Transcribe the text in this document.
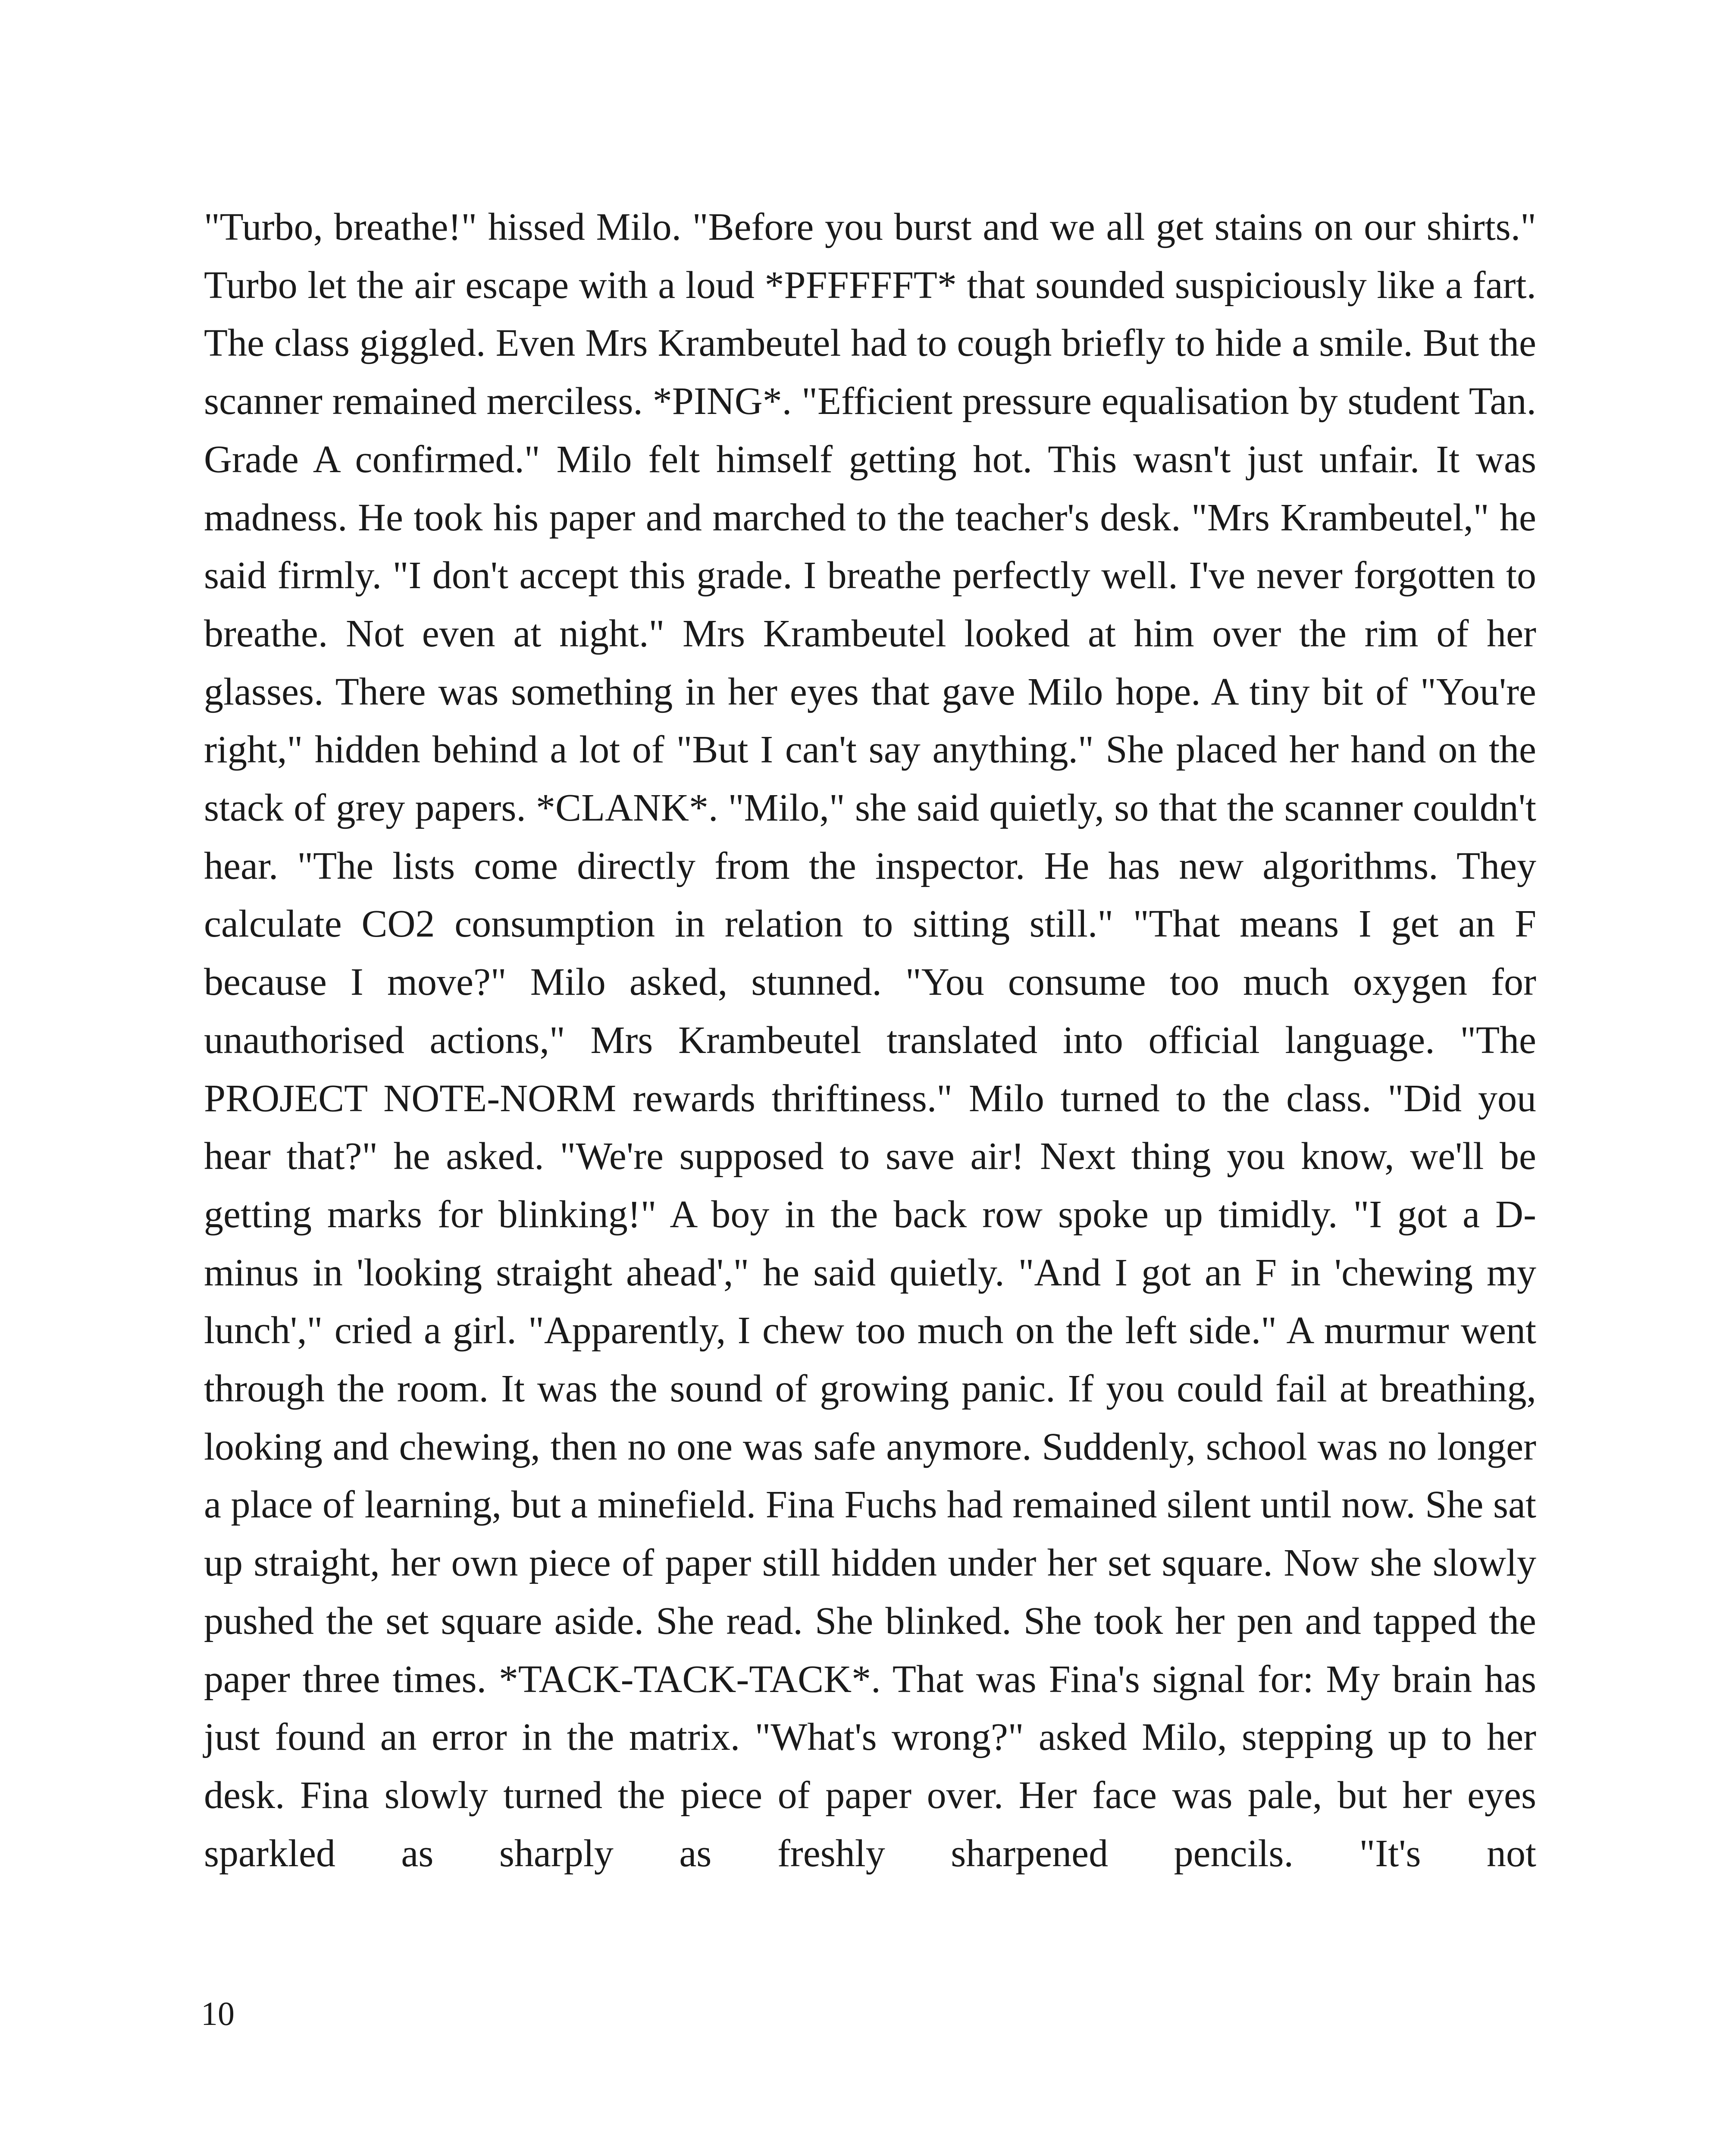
"Turbo, breathe!" hissed Milo. "Before you burst and we all get stains on our shirts." Turbo let the air escape with a loud *PFFFFFT* that sounded suspiciously like a fart. The class giggled. Even Mrs Krambeutel had to cough briefly to hide a smile. But the scanner remained merciless. *PING*. "Efficient pressure equalisation by student Tan. Grade A confirmed." Milo felt himself getting hot. This wasn't just unfair. It was madness. He took his paper and marched to the teacher's desk. "Mrs Krambeutel," he said firmly. "I don't accept this grade. I breathe perfectly well. I've never forgotten to breathe. Not even at night." Mrs Krambeutel looked at him over the rim of her glasses. There was something in her eyes that gave Milo hope. A tiny bit of "You're right," hidden behind a lot of "But I can't say anything." She placed her hand on the stack of grey papers. *CLANK*. "Milo," she said quietly, so that the scanner couldn't hear. "The lists come directly from the inspector. He has new algorithms. They calculate CO2 consumption in relation to sitting still." "That means I get an F because I move?" Milo asked, stunned. "You consume too much oxygen for unauthorised actions," Mrs Krambeutel translated into official language. "The PROJECT NOTE-NORM rewards thriftiness." Milo turned to the class. "Did you hear that?" he asked. "We're supposed to save air! Next thing you know, we'll be getting marks for blinking!" A boy in the back row spoke up timidly. "I got a D-minus in 'looking straight ahead'," he said quietly. "And I got an F in 'chewing my lunch'," cried a girl. "Apparently, I chew too much on the left side." A murmur went through the room. It was the sound of growing panic. If you could fail at breathing, looking and chewing, then no one was safe anymore. Suddenly, school was no longer a place of learning, but a minefield. Fina Fuchs had remained silent until now. She sat up straight, her own piece of paper still hidden under her set square. Now she slowly pushed the set square aside. She read. She blinked. She took her pen and tapped the paper three times. *TACK-TACK-TACK*. That was Fina's signal for: My brain has just found an error in the matrix. "What's wrong?" asked Milo, stepping up to her desk. Fina slowly turned the piece of paper over. Her face was pale, but her eyes sparkled as sharply as freshly sharpened pencils. "It's not

10
